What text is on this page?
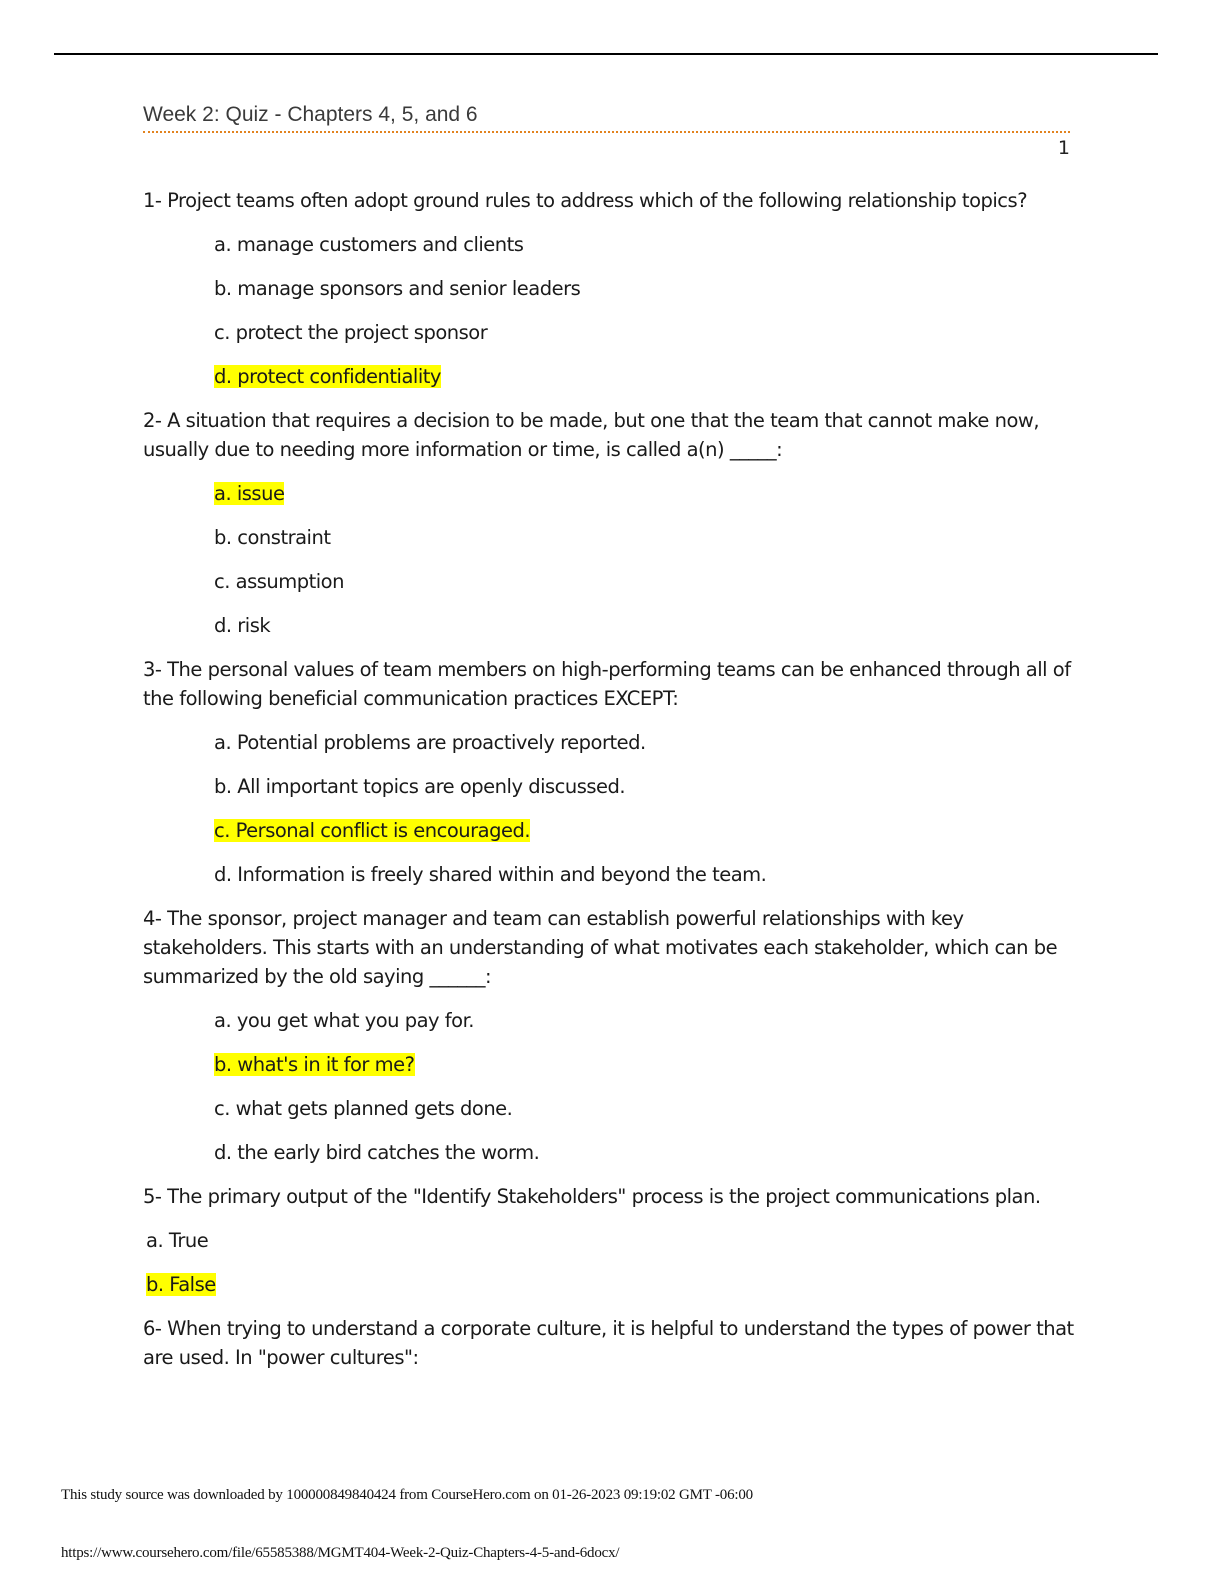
Week 2: Quiz - Chapters 4, 5, and 6
1

1- Project teams often adopt ground rules to address which of the following relationship topics?

a. manage customers and clients

b. manage sponsors and senior leaders

c. protect the project sponsor

d. protect confidentiality

2- A situation that requires a decision to be made, but one that the team that cannot make now, usually due to needing more information or time, is called a(n) _____:

a. issue

b. constraint

c. assumption

d. risk

3- The personal values of team members on high-performing teams can be enhanced through all of the following beneficial communication practices EXCEPT:

a. Potential problems are proactively reported.

b. All important topics are openly discussed.

c. Personal conflict is encouraged.

d. Information is freely shared within and beyond the team.

4- The sponsor, project manager and team can establish powerful relationships with key stakeholders. This starts with an understanding of what motivates each stakeholder, which can be summarized by the old saying ______:

a. you get what you pay for.

b. what's in it for me?

c. what gets planned gets done.

d. the early bird catches the worm.

5- The primary output of the "Identify Stakeholders" process is the project communications plan.

a. True

b. False

6- When trying to understand a corporate culture, it is helpful to understand the types of power that are used. In "power cultures":

This study source was downloaded by 100000849840424 from CourseHero.com on 01-26-2023 09:19:02 GMT -06:00
https://www.coursehero.com/file/65585388/MGMT404-Week-2-Quiz-Chapters-4-5-and-6docx/
